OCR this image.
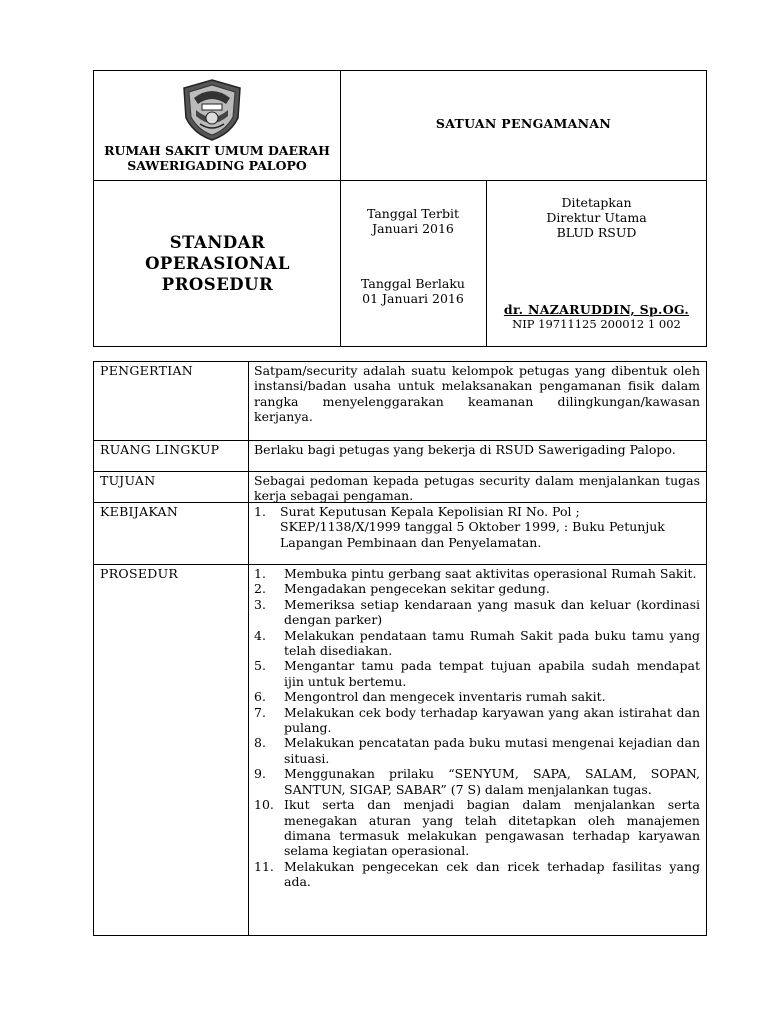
RUMAH SAKIT UMUM DAERAH SAWERIGADING PALOPO
SATUAN PENGAMANAN
STANDAR OPERASIONAL PROSEDUR
Tanggal Terbit
Januari 2016
Tanggal Berlaku
01 Januari 2016
Ditetapkan
Direktur Utama
BLUD RSUD
dr. NAZARUDDIN, Sp.OG.
NIP 19711125 200012 1 002
PENGERTIAN	Satpam/security adalah suatu kelompok petugas yang dibentuk oleh instansi/badan usaha untuk melaksanakan pengamanan fisik dalam rangka menyelenggarakan keamanan dilingkungan/kawasan kerjanya.
RUANG LINGKUP	Berlaku bagi petugas yang bekerja di RSUD Sawerigading Palopo.
TUJUAN	Sebagai pedoman kepada petugas security dalam menjalankan tugas kerja sebagai pengaman.
KEBIJAKAN	1.	Surat Keputusan Kepala Kepolisian RI No. Pol ; SKEP/1138/X/1999 tanggal 5 Oktober 1999, : Buku Petunjuk Lapangan Pembinaan dan Penyelamatan.
PROSEDUR	1.	Membuka pintu gerbang saat aktivitas operasional Rumah Sakit.
2.	Mengadakan pengecekan sekitar gedung.
3.	Memeriksa setiap kendaraan yang masuk dan keluar (kordinasi dengan parker)
4.	Melakukan pendataan tamu Rumah Sakit pada buku tamu yang telah disediakan.
5.	Mengantar tamu pada tempat tujuan apabila sudah mendapat ijin untuk bertemu.
6.	Mengontrol dan mengecek inventaris rumah sakit.
7.	Melakukan cek body terhadap karyawan yang akan istirahat dan pulang.
8.	Melakukan pencatatan pada buku mutasi mengenai kejadian dan situasi.
9.	Menggunakan prilaku “SENYUM, SAPA, SALAM, SOPAN, SANTUN, SIGAP, SABAR” (7 S) dalam menjalankan tugas.
10. Ikut serta dan menjadi bagian dalam menjalankan serta menegakan aturan yang telah ditetapkan oleh manajemen dimana termasuk melakukan pengawasan terhadap karyawan selama kegiatan operasional.
11. Melakukan pengecekan cek dan ricek terhadap fasilitas yang ada.
